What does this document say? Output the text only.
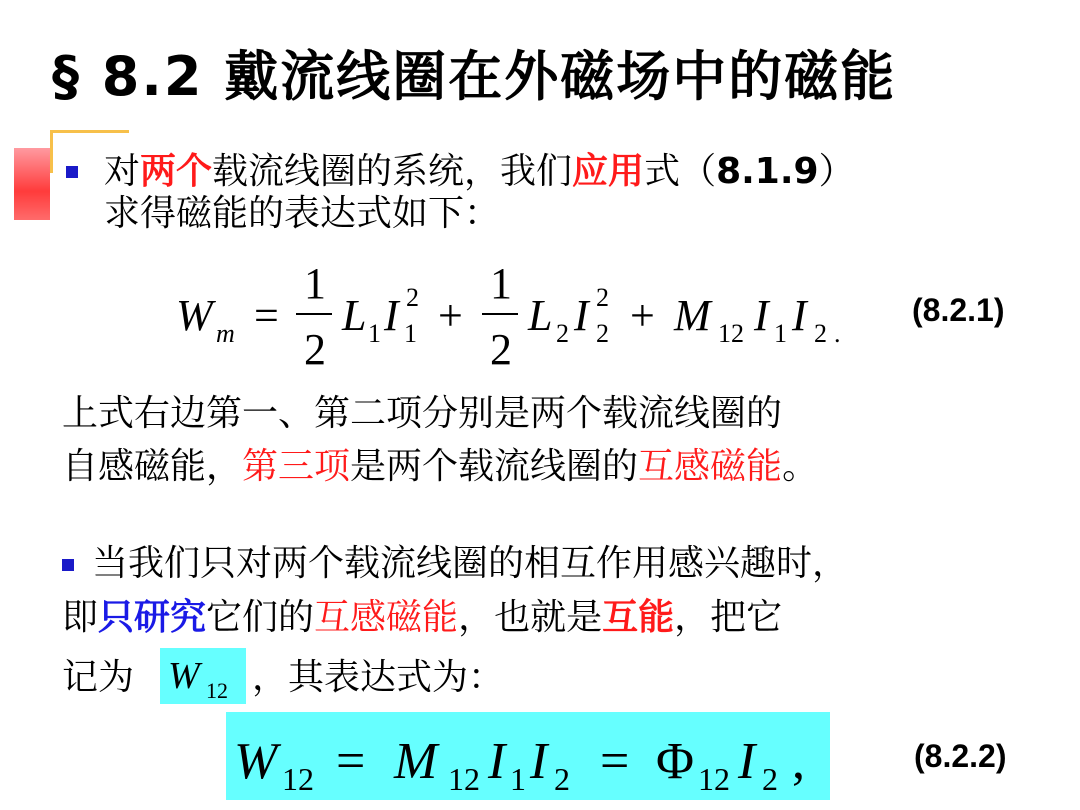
§ 8.2 戴流线圈在外磁场中的磁能
对两个载流线圈的系统，我们应用式（8.1.9）
求得磁能的表达式如下：
W m =
1
2
L 1 I 2
1 +
1
2
L 2 I 2
2 + M 12 I 1 I 2 .
(8.2.1)
上式右边第一、第二项分别是两个载流线圈的
自感磁能，第三项是两个载流线圈的互感磁能。
当我们只对两个载流线圈的相互作用感兴趣时，
即只研究它们的互感磁能，也就是互能，把它
记为 W 12 ，其表达式为：
W 12 = M 12 I 1 I 2 = Φ 12 I 2 ,	(8.2.2)
